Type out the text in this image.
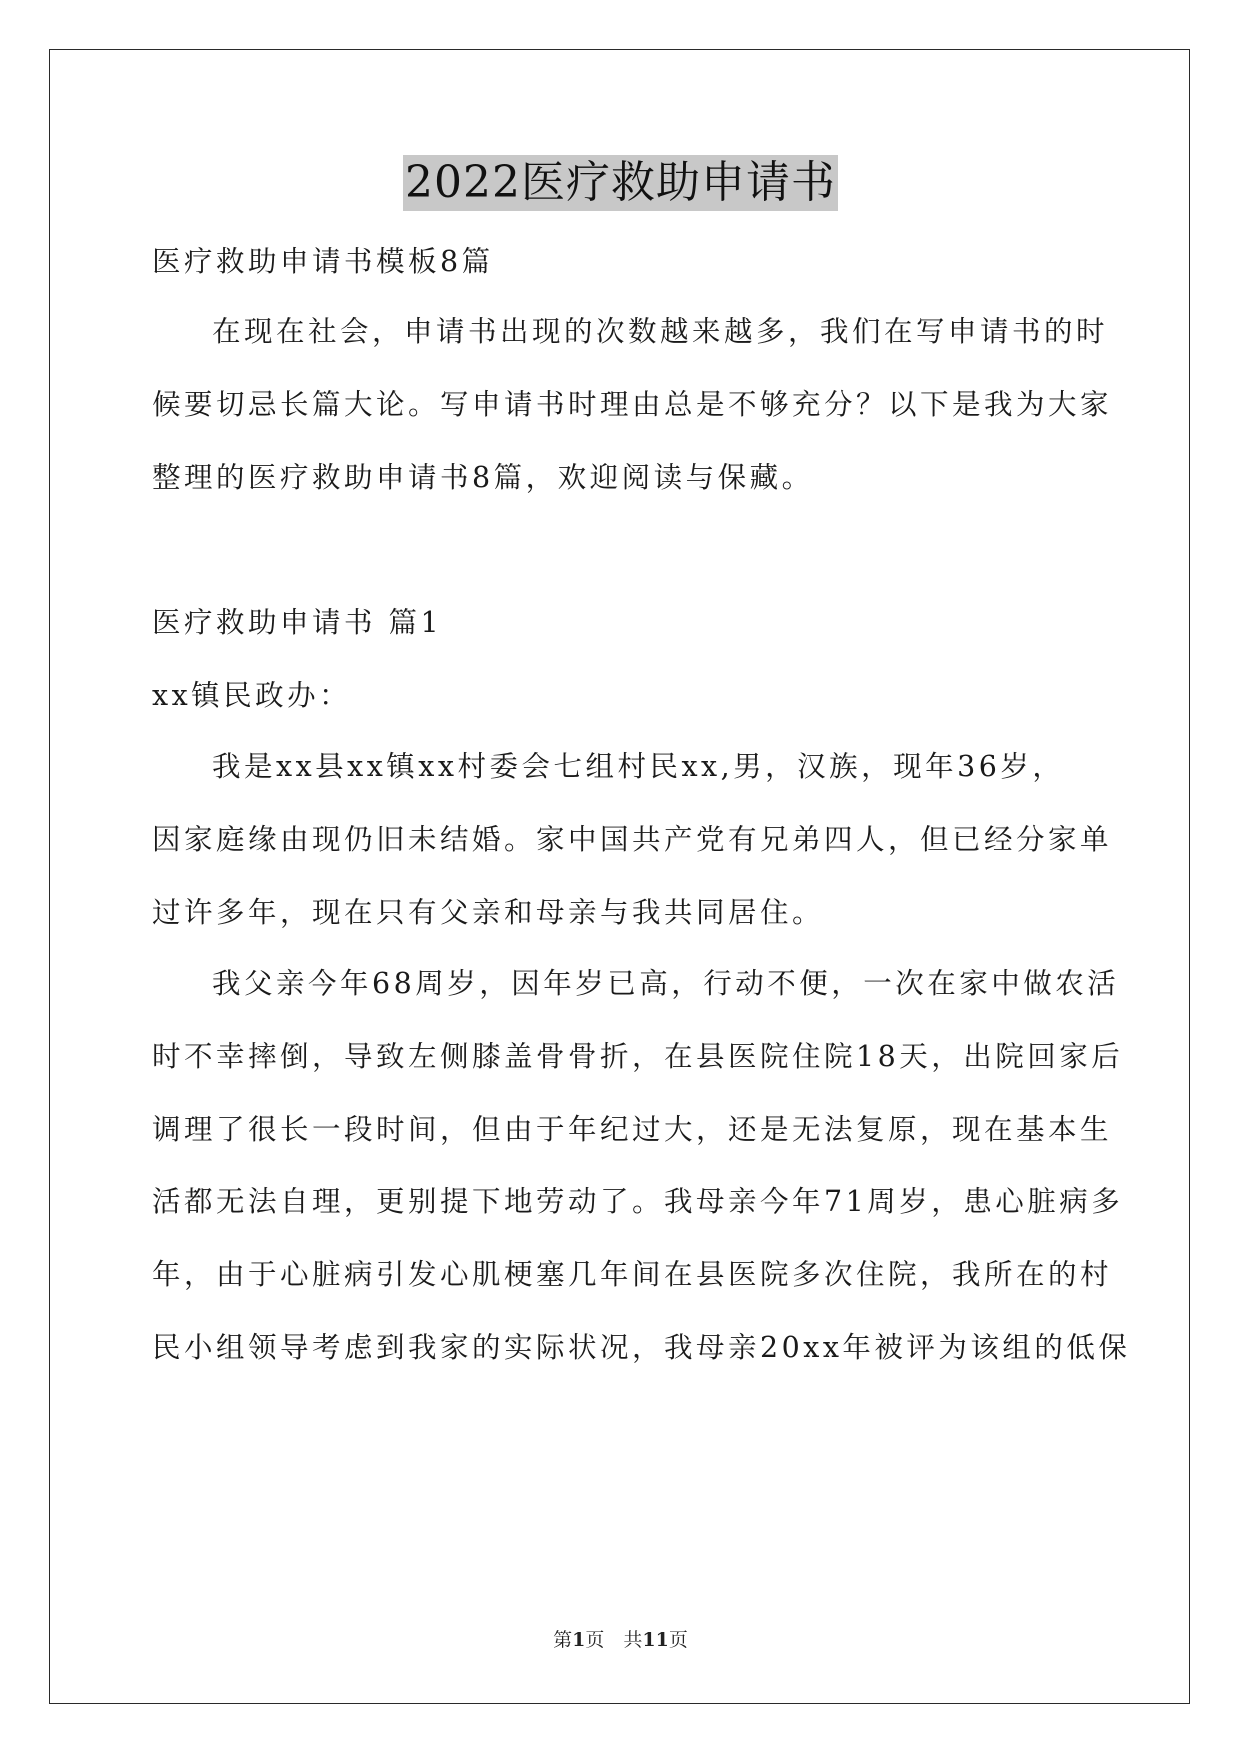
2022医疗救助申请书
医疗救助申请书模板8篇
在现在社会，申请书出现的次数越来越多，我们在写申请书的时
候要切忌长篇大论。写申请书时理由总是不够充分？以下是我为大家
整理的医疗救助申请书8篇，欢迎阅读与保藏。
医疗救助申请书 篇1
xx镇民政办：
我是xx县xx镇xx村委会七组村民xx,男，汉族，现年36岁，
因家庭缘由现仍旧未结婚。家中国共产党有兄弟四人，但已经分家单
过许多年，现在只有父亲和母亲与我共同居住。
我父亲今年68周岁，因年岁已高，行动不便，一次在家中做农活
时不幸摔倒，导致左侧膝盖骨骨折，在县医院住院18天，出院回家后
调理了很长一段时间，但由于年纪过大，还是无法复原，现在基本生
活都无法自理，更别提下地劳动了。我母亲今年71周岁，患心脏病多
年，由于心脏病引发心肌梗塞几年间在县医院多次住院，我所在的村
民小组领导考虑到我家的实际状况，我母亲20xx年被评为该组的低保
第1页　共11页
